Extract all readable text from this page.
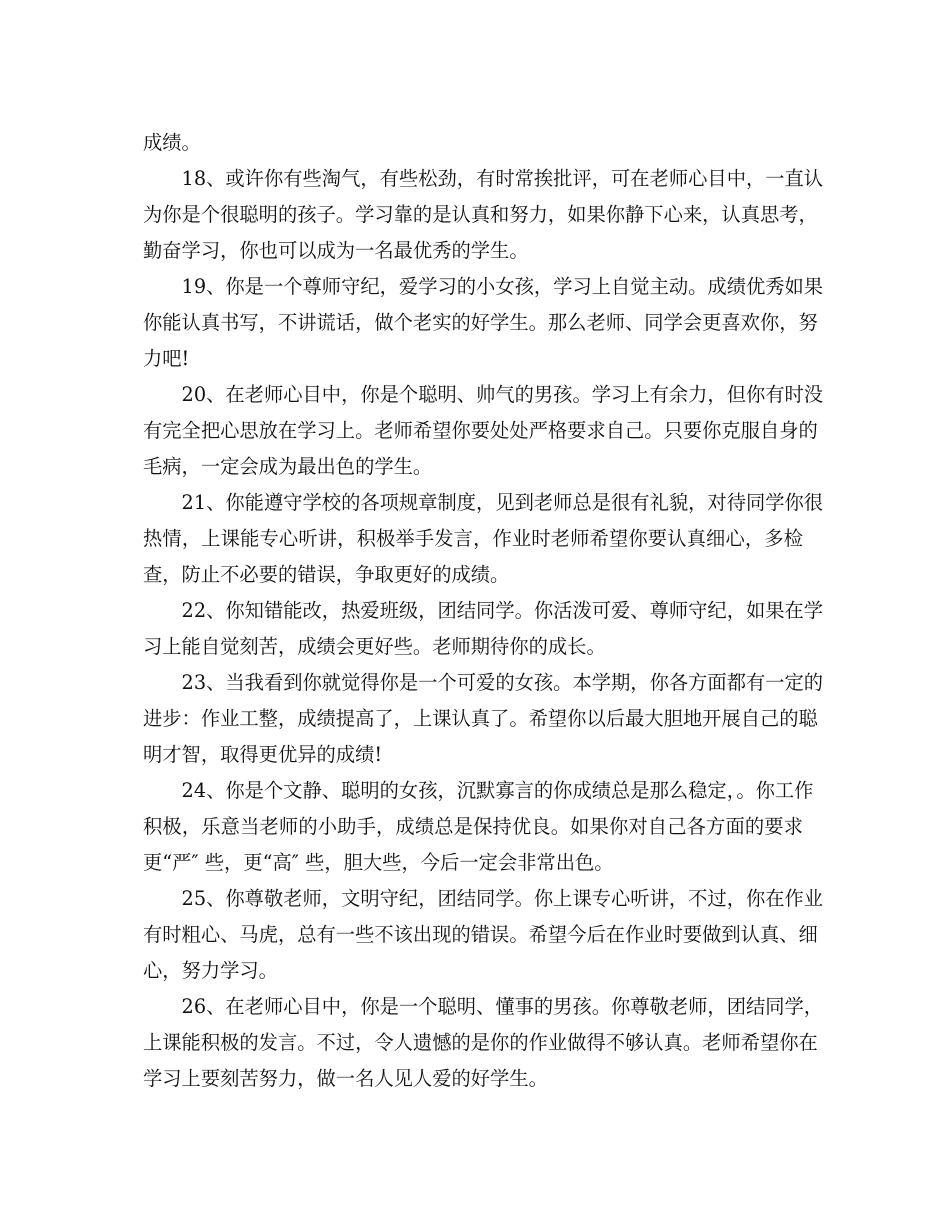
成绩。
　　18、或许你有些淘气，有些松劲，有时常挨批评，可在老师心目中，一直认
为你是个很聪明的孩子。学习靠的是认真和努力，如果你静下心来，认真思考，
勤奋学习，你也可以成为一名最优秀的学生。
　　19、你是一个尊师守纪，爱学习的小女孩，学习上自觉主动。成绩优秀如果
你能认真书写，不讲谎话，做个老实的好学生。那么老师、同学会更喜欢你，努
力吧!
　　20、在老师心目中，你是个聪明、帅气的男孩。学习上有余力，但你有时没
有完全把心思放在学习上。老师希望你要处处严格要求自己。只要你克服自身的
毛病，一定会成为最出色的学生。
　　21、你能遵守学校的各项规章制度，见到老师总是很有礼貌，对待同学你很
热情，上课能专心听讲，积极举手发言，作业时老师希望你要认真细心，多检
查，防止不必要的错误，争取更好的成绩。
　　22、你知错能改，热爱班级，团结同学。你活泼可爱、尊师守纪，如果在学
习上能自觉刻苦，成绩会更好些。老师期待你的成长。
　　23、当我看到你就觉得你是一个可爱的女孩。本学期，你各方面都有一定的
进步：作业工整，成绩提高了，上课认真了。希望你以后最大胆地开展自己的聪
明才智，取得更优异的成绩!
　　24、你是个文静、聪明的女孩，沉默寡言的你成绩总是那么稳定，。你工作
积极，乐意当老师的小助手，成绩总是保持优良。如果你对自己各方面的要求
更“严″ 些，更“高″ 些，胆大些，今后一定会非常出色。
　　25、你尊敬老师，文明守纪，团结同学。你上课专心听讲，不过，你在作业
有时粗心、马虎，总有一些不该出现的错误。希望今后在作业时要做到认真、细
心，努力学习。
　　26、在老师心目中，你是一个聪明、懂事的男孩。你尊敬老师，团结同学，
上课能积极的发言。不过，令人遗憾的是你的作业做得不够认真。老师希望你在
学习上要刻苦努力，做一名人见人爱的好学生。
